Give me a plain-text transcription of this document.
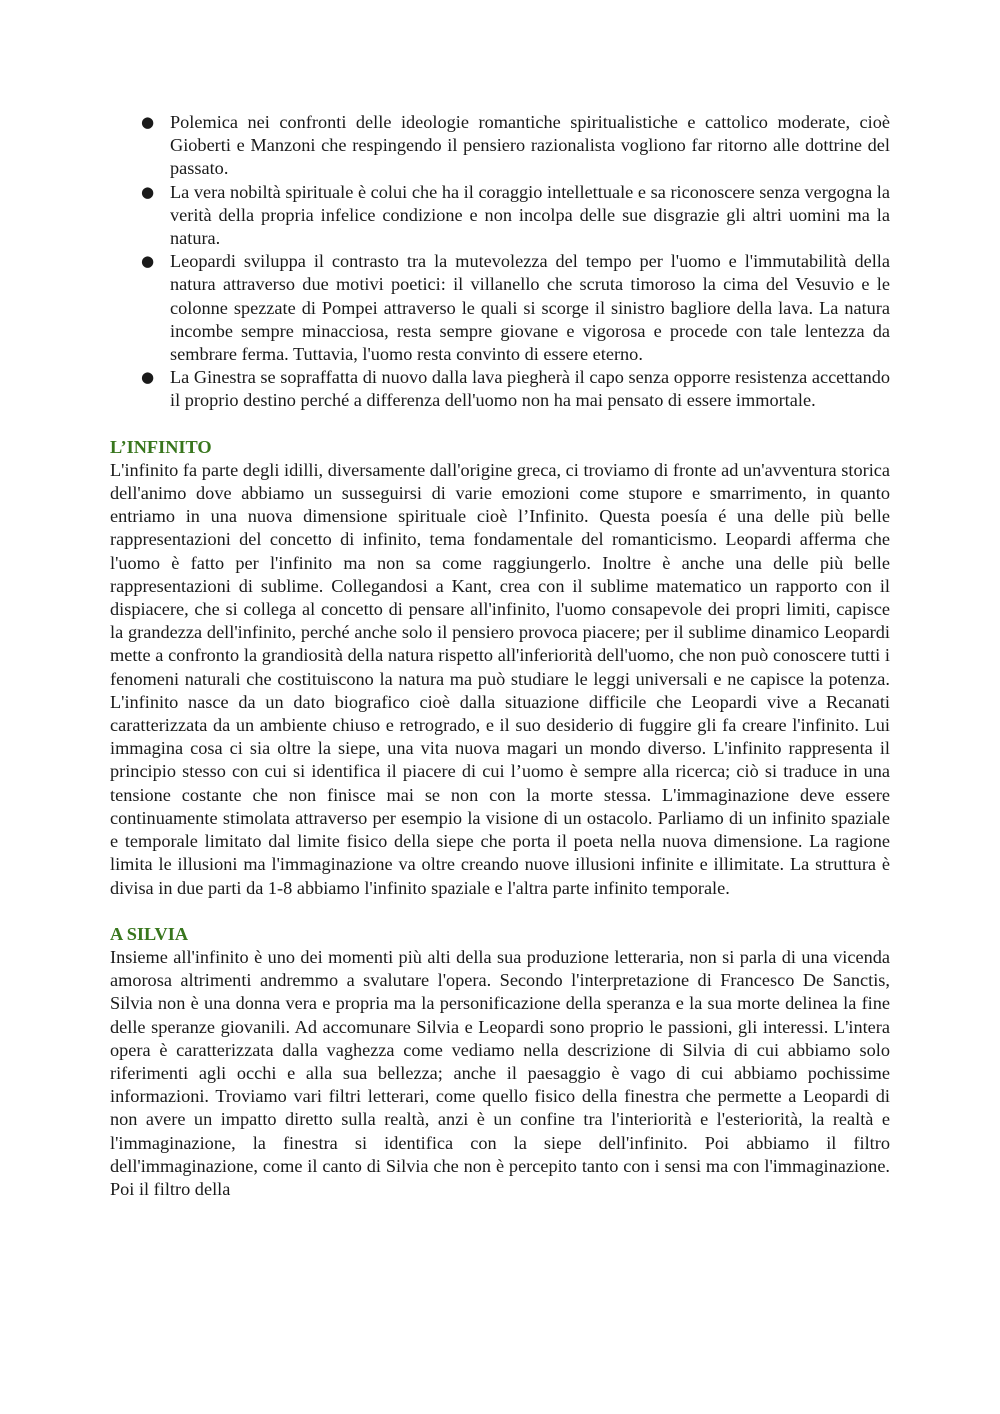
● Polemica nei confronti delle ideologie romantiche spiritualistiche e cattolico moderate, cioè Gioberti e Manzoni che respingendo il pensiero razionalista vogliono far ritorno alle dottrine del passato.
● La vera nobiltà spirituale è colui che ha il coraggio intellettuale e sa riconoscere senza vergogna la verità della propria infelice condizione e non incolpa delle sue disgrazie gli altri uomini ma la natura.
● Leopardi sviluppa il contrasto tra la mutevolezza del tempo per l'uomo e l'immutabilità della natura attraverso due motivi poetici: il villanello che scruta timoroso la cima del Vesuvio e le colonne spezzate di Pompei attraverso le quali si scorge il sinistro bagliore della lava. La natura incombe sempre minacciosa, resta sempre giovane e vigorosa e procede con tale lentezza da sembrare ferma. Tuttavia, l'uomo resta convinto di essere eterno.
● La Ginestra se sopraffatta di nuovo dalla lava piegherà il capo senza opporre resistenza accettando il proprio destino perché a differenza dell'uomo non ha mai pensato di essere immortale.
L’INFINITO

L'infinito fa parte degli idilli, diversamente dall'origine greca, ci troviamo di fronte ad un'avventura storica dell'animo dove abbiamo un susseguirsi di varie emozioni come stupore e smarrimento, in quanto entriamo in una nuova dimensione spirituale cioè l’Infinito. Questa poesía é una delle più belle rappresentazioni del concetto di infinito, tema fondamentale del romanticismo. Leopardi afferma che l'uomo è fatto per l'infinito ma non sa come raggiungerlo. Inoltre è anche una delle più belle rappresentazioni di sublime. Collegandosi a Kant, crea con il sublime matematico un rapporto con il dispiacere, che si collega al concetto di pensare all'infinito, l'uomo consapevole dei propri limiti, capisce la grandezza dell'infinito, perché anche solo il pensiero provoca piacere; per il sublime dinamico Leopardi mette a confronto la grandiosità della natura rispetto all'inferiorità dell'uomo, che non può conoscere tutti i fenomeni naturali che costituiscono la natura ma può studiare le leggi universali e ne capisce la potenza. L'infinito nasce da un dato biografico cioè dalla situazione difficile che Leopardi vive a Recanati caratterizzata da un ambiente chiuso e retrogrado, e il suo desiderio di fuggire gli fa creare l'infinito. Lui immagina cosa ci sia oltre la siepe, una vita nuova magari un mondo diverso. L'infinito rappresenta il principio stesso con cui si identifica il piacere di cui l’uomo è sempre alla ricerca; ciò si traduce in una tensione costante che non finisce mai se non con la morte stessa. L'immaginazione deve essere continuamente stimolata attraverso per esempio la visione di un ostacolo. Parliamo di un infinito spaziale e temporale limitato dal limite fisico della siepe che porta il poeta nella nuova dimensione. La ragione limita le illusioni ma l'immaginazione va oltre creando nuove illusioni infinite e illimitate. La struttura è divisa in due parti da 1-8 abbiamo l'infinito spaziale e l'altra parte infinito temporale.

A SILVIA

Insieme all'infinito è uno dei momenti più alti della sua produzione letteraria, non si parla di una vicenda amorosa altrimenti andremmo a svalutare l'opera. Secondo l'interpretazione di Francesco De Sanctis, Silvia non è una donna vera e propria ma la personificazione della speranza e la sua morte delinea la fine delle speranze giovanili. Ad accomunare Silvia e Leopardi sono proprio le passioni, gli interessi. L'intera opera è caratterizzata dalla vaghezza come vediamo nella descrizione di Silvia di cui abbiamo solo riferimenti agli occhi e alla sua bellezza; anche il paesaggio è vago di cui abbiamo pochissime informazioni. Troviamo vari filtri letterari, come quello fisico della finestra che permette a Leopardi di non avere un impatto diretto sulla realtà, anzi è un confine tra l'interiorità e l'esteriorità, la realtà e l'immaginazione, la finestra si identifica con la siepe dell'infinito. Poi abbiamo il filtro dell'immaginazione, come il canto di Silvia che non è percepito tanto con i sensi ma con l'immaginazione. Poi il filtro della
